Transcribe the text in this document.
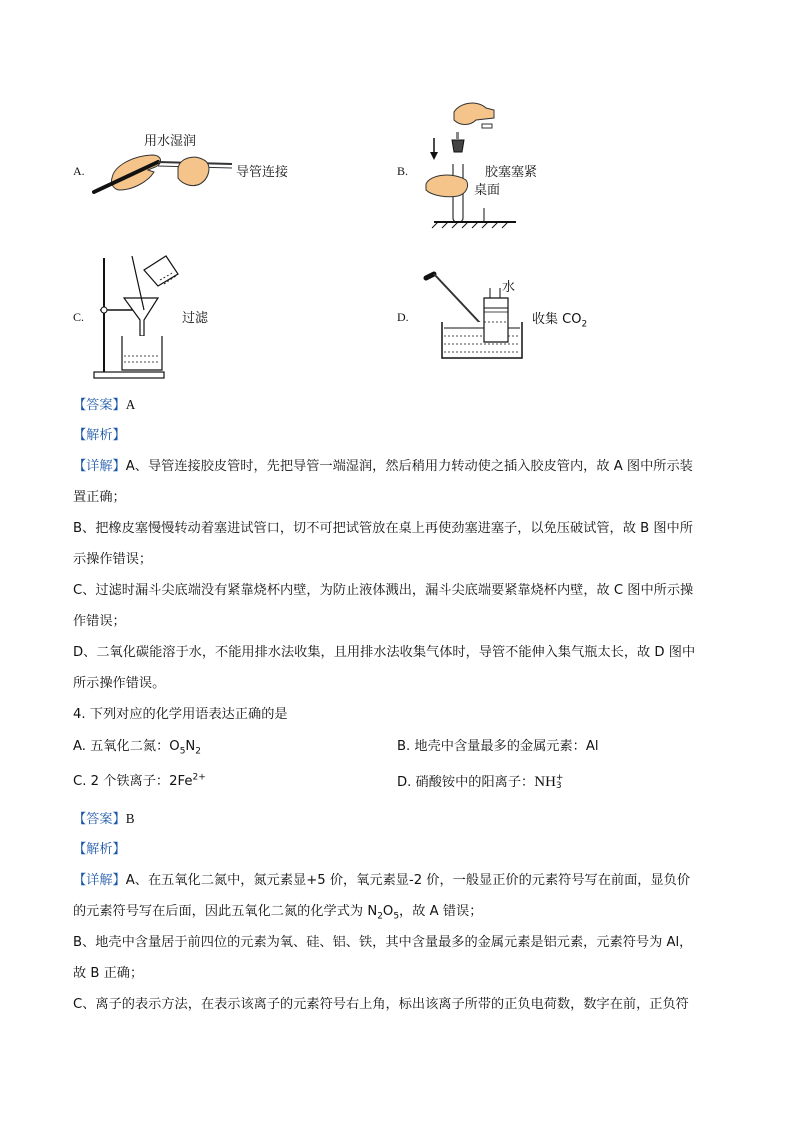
A.
用水湿润
导管连接	B.	胶塞塞紧
桌面
C.	过滤	D.
水
收集 $CO_2$
【答案】A
【解析】
【详解】A、导管连接胶皮管时，先把导管一端湿润，然后稍用力转动使之插入胶皮管内，故 A 图中所示装
置正确；
B、把橡皮塞慢慢转动着塞进试管口，切不可把试管放在桌上再使劲塞进塞子，以免压破试管，故 B 图中所
示操作错误；
C、过滤时漏斗尖底端没有紧靠烧杯内壁，为防止液体溅出，漏斗尖底端要紧靠烧杯内壁，故 C 图中所示操
作错误；
D、二氧化碳能溶于水，不能用排水法收集，且用排水法收集气体时，导管不能伸入集气瓶太长，故 D 图中
所示操作错误。
4. 下列对应的化学用语表达正确的是
A. 五氧化二氮：$O_5N_2$	B. 地壳中含量最多的金属元素：Al
C. 2 个铁离子：$2Fe^{2+}$	D. 硝酸铵中的阳离子：NH +
3
【答案】B
【解析】
【详解】A、在五氧化二氮中，氮元素显+5 价，氧元素显-2 价，一般显正价的元素符号写在前面，显负价
的元素符号写在后面，因此五氧化二氮的化学式为 $N_2O_5$，故 A 错误；
B、地壳中含量居于前四位的元素为氧、硅、铝、铁，其中含量最多的金属元素是铝元素，元素符号为 Al，
故 B 正确；
C、离子的表示方法，在表示该离子的元素符号右上角，标出该离子所带的正负电荷数，数字在前，正负符
